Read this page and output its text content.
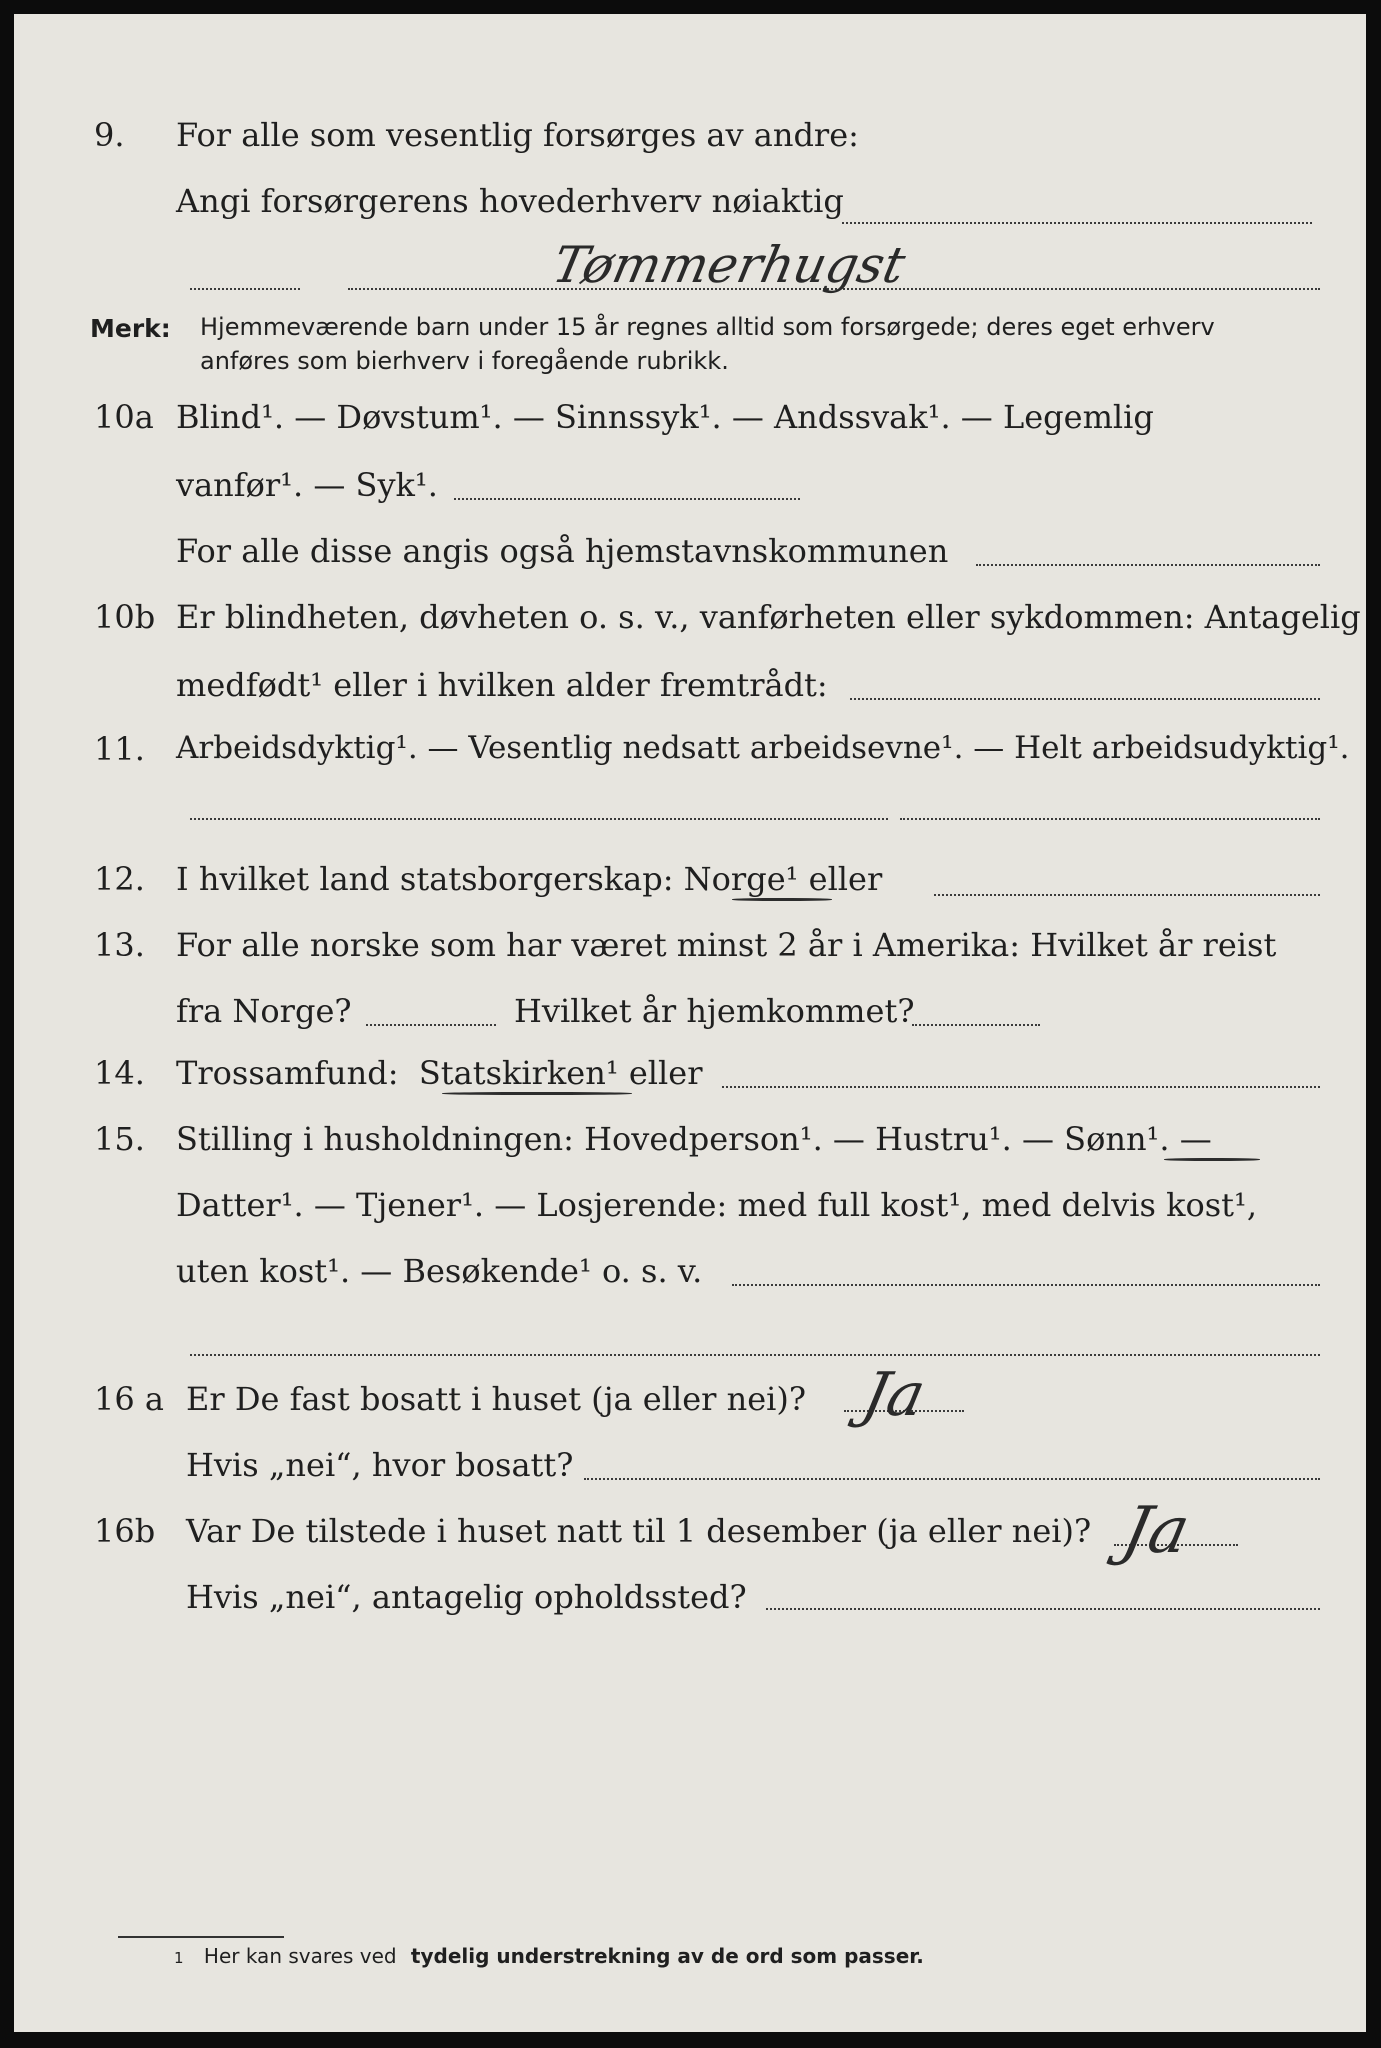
9. For alle som vesentlig forsørges av andre:
Angi forsørgerens hovederhverv nøiaktig
Tømmerhugst
Merk: Hjemmeværende barn under 15 år regnes alltid som forsørgede; deres eget erhverv
anføres som bierhverv i foregående rubrikk.
10a Blind¹. — Døvstum¹. — Sinnssyk¹. — Andssvak¹. — Legemlig
vanfør¹. — Syk¹.
For alle disse angis også hjemstavnskommunen
10b Er blindheten, døvheten o. s. v., vanførheten eller sykdommen: Antagelig
medfødt¹ eller i hvilken alder fremtrådt:
11. Arbeidsdyktig¹. — Vesentlig nedsatt arbeidsevne¹. — Helt arbeidsudyktig¹.
12. I hvilket land statsborgerskap:
Norge¹
eller
13. For alle norske som har været minst 2 år i Amerika: Hvilket år reist
fra Norge?	Hvilket år hjemkommet?
14. Trossamfund:
Statskirken¹
eller
15. Stilling i husholdningen: Hovedperson¹. — Hustru¹. —
Sønn¹ . —
Datter¹. — Tjener¹. — Losjerende: med full kost¹, med delvis kost¹,
uten kost¹. — Besøkende¹ o. s. v.
16 a Er De fast bosatt i huset (ja eller nei)? Ja
Hvis „nei“, hvor bosatt?
16b Var De tilstede i huset natt til 1 desember (ja eller nei)? Ja
Hvis „nei“, antagelig opholdssted?
1 Her kan svares ved tydelig understrekning av de ord som passer.
